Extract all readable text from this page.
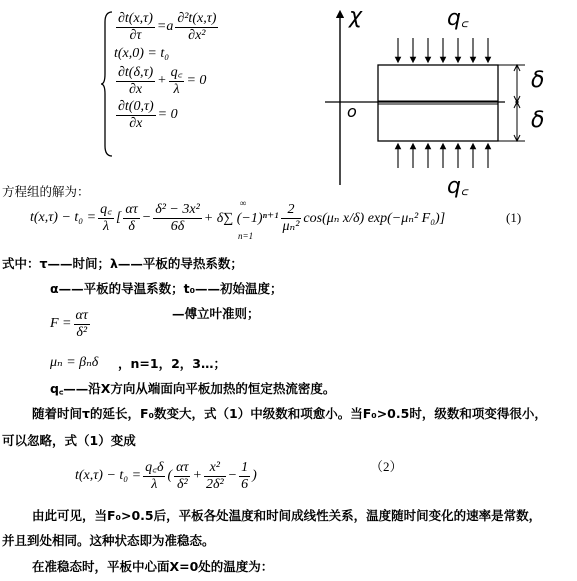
$\frac{\partial t(x,\tau)}{\partial\tau} = a \frac{\text{∂²t(x,τ)}}{\text{∂x²}}$
t(x,0) = t₀
$\frac{\partial t(\delta,\tau)}{\partial x} + \frac{q꜀}{\lambda} = 0$
$\frac{\partial t(0,\tau)}{\partial x} = 0$
χ	q꜀
q꜀
δ
δ
o
方程组的解为：
$t(x,\tau) - t_0 = \frac{q꜀}{\lambda}$ [ $\frac{\alpha\tau}{\delta} - \frac{\text{δ² − 3x²}}{6\delta} + \delta\sum$ $(-1)^{n+1} \frac{2}{\text{μₙ²}} \cos(\mu_n$ x/δ) exp(−μₙ² F₀)]
∞
n=1
(1)
式中：τ——时间；λ——平板的导热系数；
α——平板的导温系数；t₀——初始温度；
$F = \frac{\alpha\tau}{\text{δ²}}$	—傅立叶准则；
μₙ = βₙδ ，n=1，2，3…；
q꜀——沿X方向从端面向平板加热的恒定热流密度。
随着时间τ的延长，F₀数变大，式（1）中级数和项愈小。当F₀>0.5时，级数和项变得很小，
可以忽略，式（1）变成
$t(x,\tau) - t_0 = \frac{q꜀\delta}{\lambda}$ ( $\frac{\alpha\tau}{\text{δ²}} + \frac{\text{x²}}{\text{2δ²}} - \frac{1}{6}$ )
（2）
由此可见，当F₀>0.5后，平板各处温度和时间成线性关系，温度随时间变化的速率是常数，
并且到处相同。这种状态即为准稳态。
在准稳态时，平板中心面X=0处的温度为：
